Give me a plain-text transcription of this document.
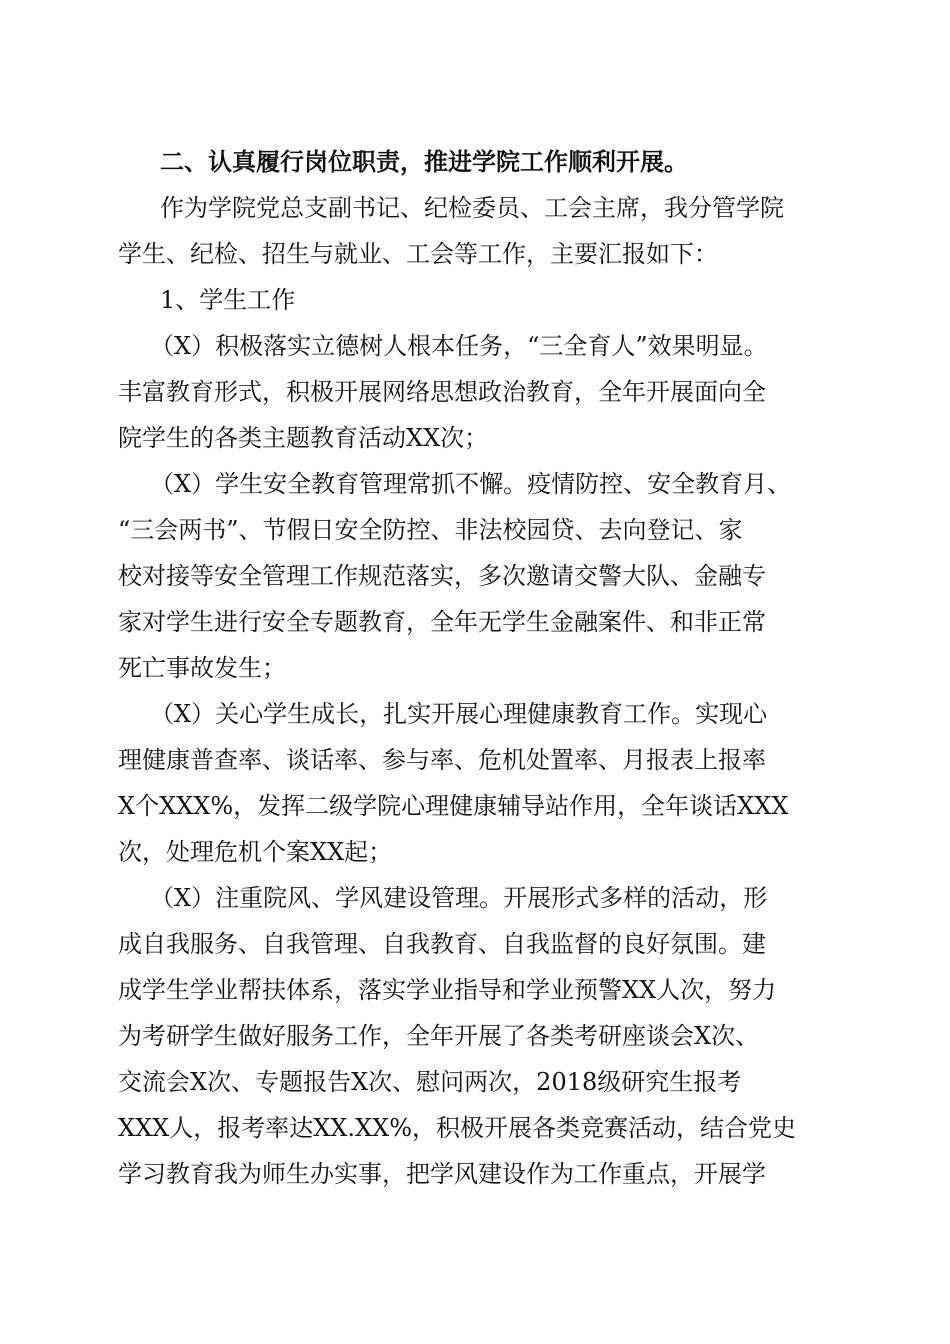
二、认真履行岗位职责，推进学院工作顺利开展。
作为学院党总支副书记、纪检委员、工会主席，我分管学院
学生、纪检、招生与就业、工会等工作，主要汇报如下：
1、学生工作
（X）积极落实立德树人根本任务，“三全育人”效果明显。
丰富教育形式，积极开展网络思想政治教育，全年开展面向全
院学生的各类主题教育活动XX次；
（X）学生安全教育管理常抓不懈。疫情防控、安全教育月、
“三会两书”、节假日安全防控、非法校园贷、去向登记、家
校对接等安全管理工作规范落实，多次邀请交警大队、金融专
家对学生进行安全专题教育，全年无学生金融案件、和非正常
死亡事故发生；
（X）关心学生成长，扎实开展心理健康教育工作。实现心
理健康普查率、谈话率、参与率、危机处置率、月报表上报率
X个XXX%，发挥二级学院心理健康辅导站作用，全年谈话XXX
次，处理危机个案XX起；
（X）注重院风、学风建设管理。开展形式多样的活动，形
成自我服务、自我管理、自我教育、自我监督的良好氛围。建
成学生学业帮扶体系，落实学业指导和学业预警XX人次，努力
为考研学生做好服务工作，全年开展了各类考研座谈会X次、
交流会X次、专题报告X次、慰问两次，2018级研究生报考
XXX人，报考率达XX.XX%，积极开展各类竞赛活动，结合党史
学习教育我为师生办实事，把学风建设作为工作重点，开展学
